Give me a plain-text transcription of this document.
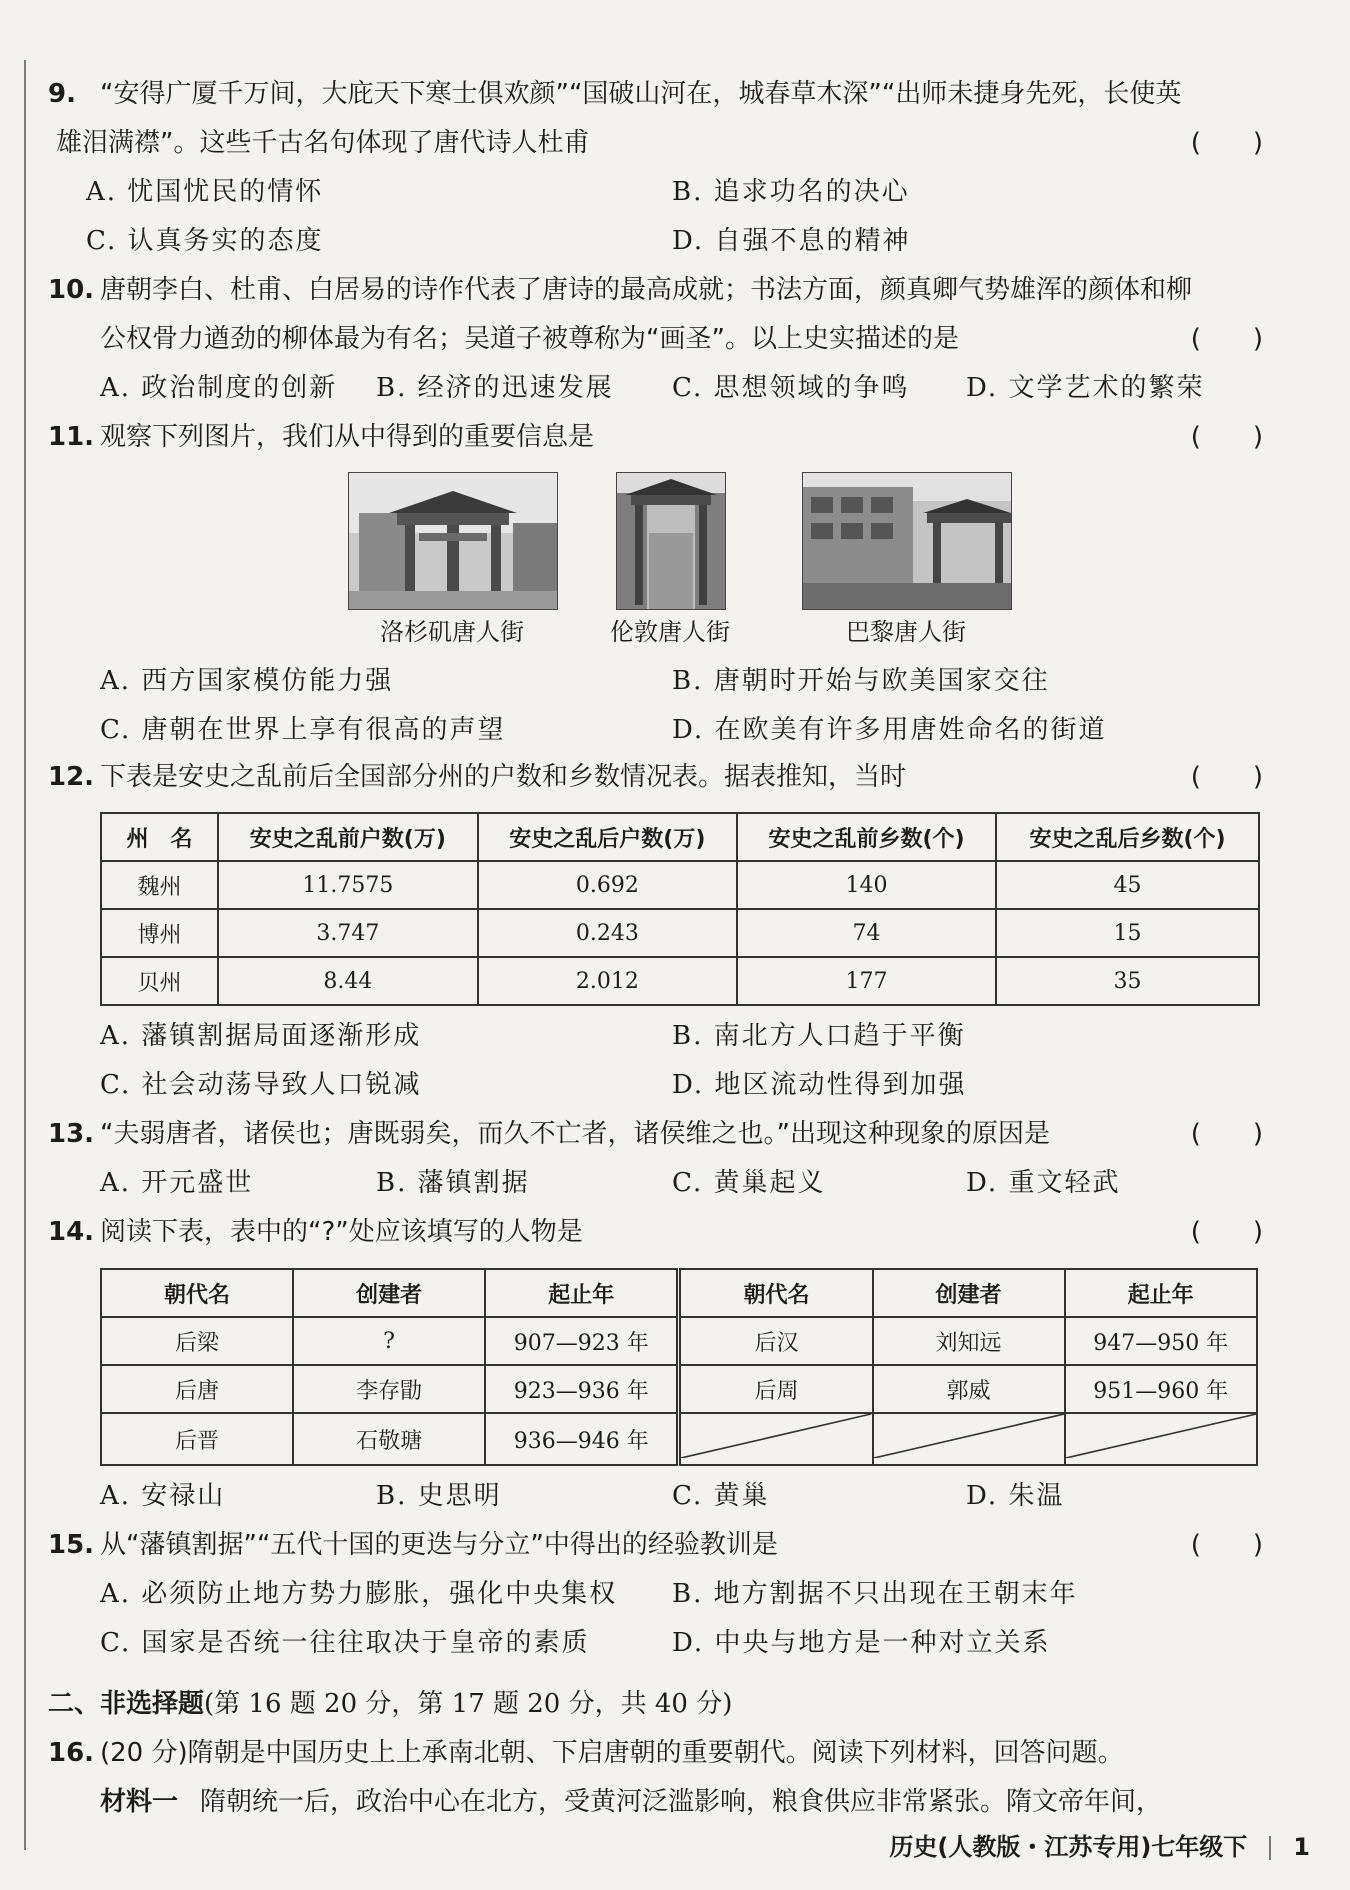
9. “安得广厦千万间，大庇天下寒士俱欢颜”“国破山河在，城春草木深”“出师未捷身先死，长使英
雄泪满襟”。这些千古名句体现了唐代诗人杜甫	(　　)
A. 忧国忧民的情怀	B. 追求功名的决心
C. 认真务实的态度	D. 自强不息的精神
10. 唐朝李白、杜甫、白居易的诗作代表了唐诗的最高成就；书法方面，颜真卿气势雄浑的颜体和柳
公权骨力遒劲的柳体最为有名；吴道子被尊称为“画圣”。以上史实描述的是	(　　)
A. 政治制度的创新 B. 经济的迅速发展 C. 思想领域的争鸣 D. 文学艺术的繁荣
11. 观察下列图片，我们从中得到的重要信息是	(　　)
洛杉矶唐人街	伦敦唐人街	巴黎唐人街
A. 西方国家模仿能力强	B. 唐朝时开始与欧美国家交往
C. 唐朝在世界上享有很高的声望	D. 在欧美有许多用唐姓命名的街道
12. 下表是安史之乱前后全国部分州的户数和乡数情况表。据表推知，当时	(　　)
州　名	安史之乱前户数(万)	安史之乱后户数(万)	安史之乱前乡数(个)	安史之乱后乡数(个)
魏州	11.7575	0.692	140	45
博州	3.747	0.243	74	15
贝州	8.44	2.012	177	35
A. 藩镇割据局面逐渐形成	B. 南北方人口趋于平衡
C. 社会动荡导致人口锐减	D. 地区流动性得到加强
13. “夫弱唐者，诸侯也；唐既弱矣，而久不亡者，诸侯维之也。”出现这种现象的原因是	(　　)
A. 开元盛世	B. 藩镇割据	C. 黄巢起义	D. 重文轻武
14. 阅读下表，表中的“?”处应该填写的人物是	(　　)
朝代名	创建者	起止年	朝代名	创建者	起止年
后梁	?	907—923 年	后汉	刘知远	947—950 年
后唐	李存勖	923—936 年	后周	郭威	951—960 年
后晋	石敬瑭	936—946 年			
A. 安禄山	B. 史思明	C. 黄巢	D. 朱温
15. 从“藩镇割据”“五代十国的更迭与分立”中得出的经验教训是	(　　)
A. 必须防止地方势力膨胀，强化中央集权 B. 地方割据不只出现在王朝末年
C. 国家是否统一往往取决于皇帝的素质	D. 中央与地方是一种对立关系
二、非选择题(第 16 题 20 分，第 17 题 20 分，共 40 分)
16. (20 分)隋朝是中国历史上上承南北朝、下启唐朝的重要朝代。阅读下列材料，回答问题。
材料一 隋朝统一后，政治中心在北方，受黄河泛滥影响，粮食供应非常紧张。隋文帝年间，
历史(人教版・江苏专用)七年级下 1
